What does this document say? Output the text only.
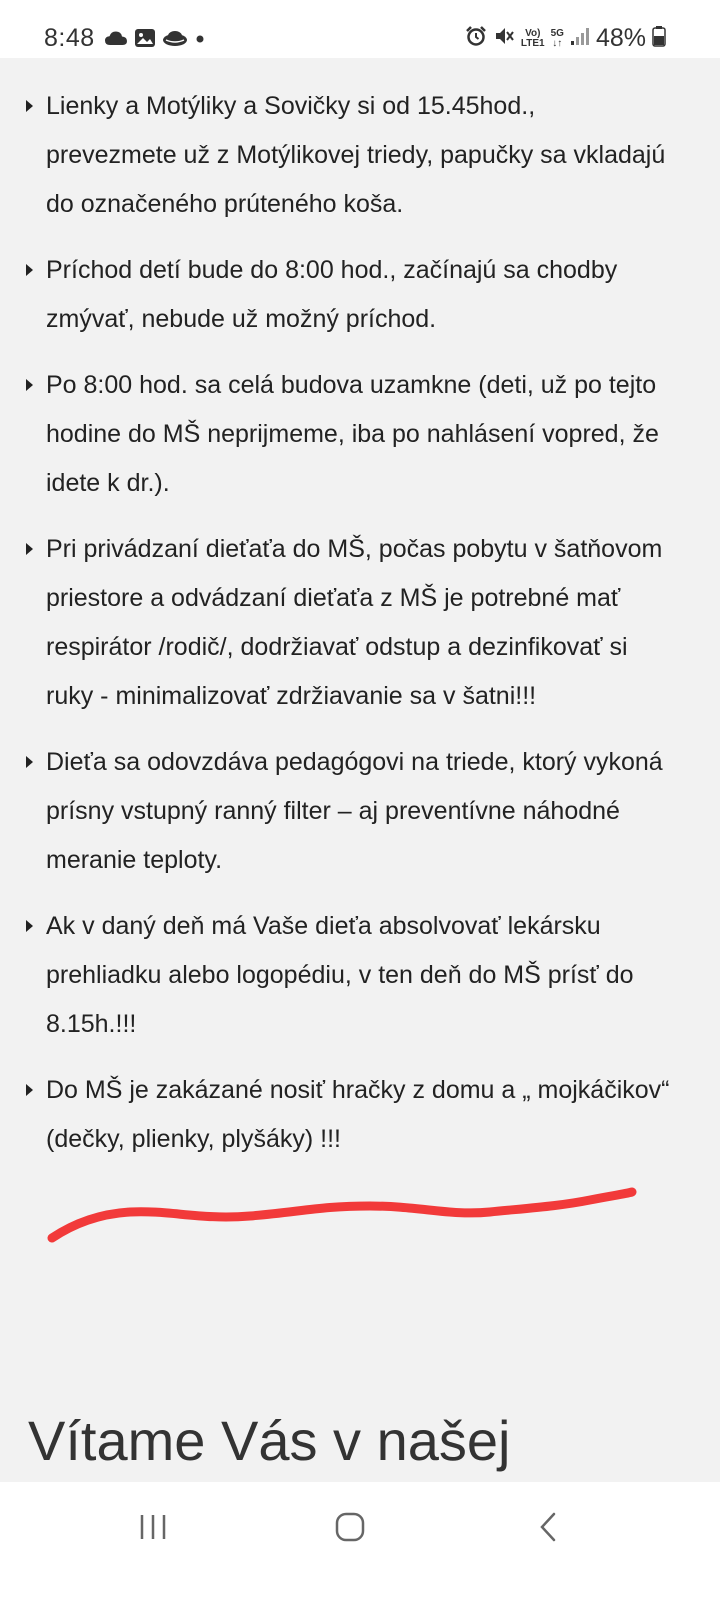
8:48	Vo)
LTE1
5G
↓↑ 48%
Lienky a Motýliky a Sovičky si od 15.45hod., prevezmete už z Motýlikovej triedy, papučky sa vkladajú do označeného prúteného koša.
Príchod detí bude do 8:00 hod., začínajú sa chodby zmývať, nebude už možný príchod.
Po 8:00 hod. sa celá budova uzamkne (deti, už po tejto hodine do MŠ neprijmeme, iba po nahlásení vopred, že idete k dr.).
Pri privádzaní dieťaťa do MŠ, počas pobytu v šatňovom priestore a odvádzaní dieťaťa z MŠ je potrebné mať respirátor /rodič/, dodržiavať odstup a dezinfikovať si ruky - minimalizovať zdržiavanie sa v šatni!!!
Dieťa sa odovzdáva pedagógovi na triede, ktorý vykoná prísny vstupný ranný filter – aj preventívne náhodné meranie teploty.
Ak v daný deň má Vaše dieťa absolvovať lekársku prehliadku alebo logopédiu, v ten deň do MŠ prísť do 8.15h.!!!
Do MŠ je zakázané nosiť hračky z domu a „ mojkáčikov“ (dečky, plienky, plyšáky) !!!
Vítame Vás v našej
